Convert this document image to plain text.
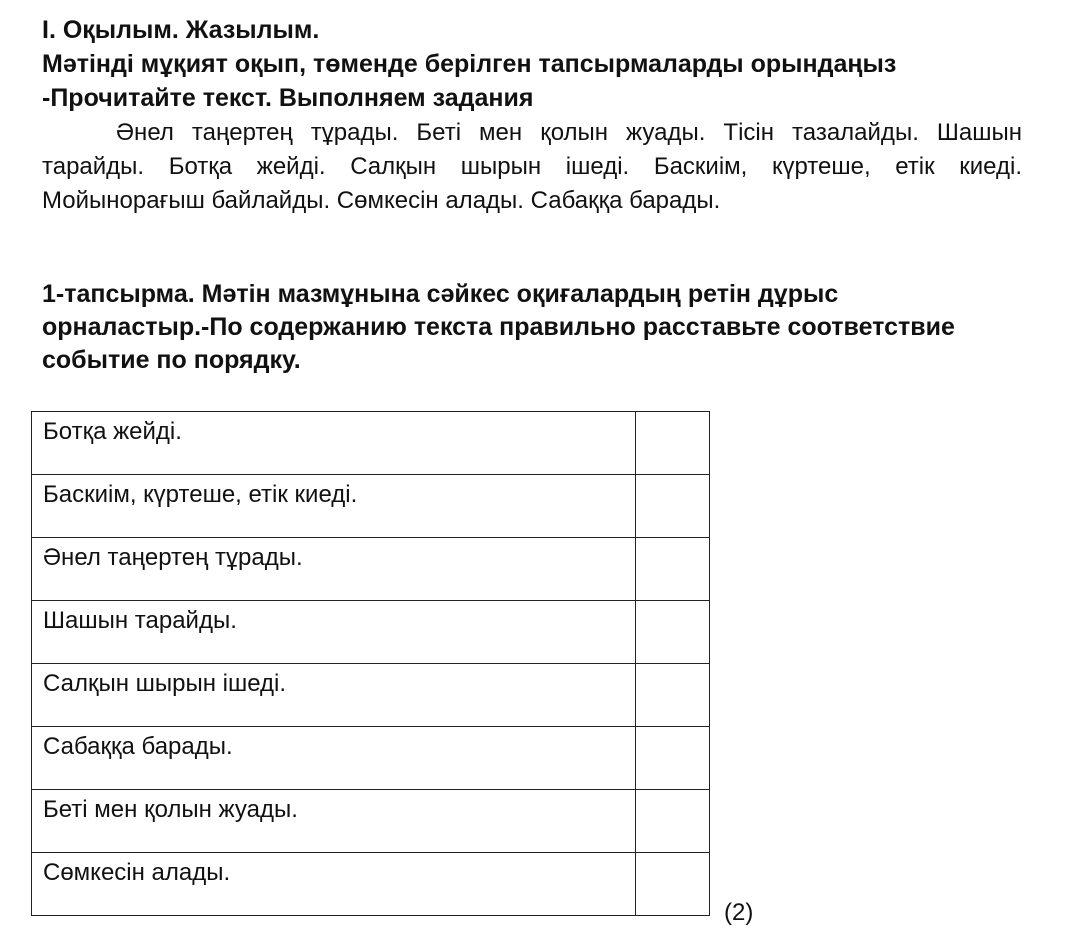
І. Оқылым. Жазылым.

Мәтінді мұқият оқып, төменде берілген тапсырмаларды орындаңыз

-Прочитайте текст. Выполняем задания

Әнел таңертең тұрады. Беті мен қолын жуады. Тісін тазалайды. Шашын тарайды. Ботқа жейді. Салқын шырын ішеді. Баскиім, күртеше, етік киеді. Мойынорағыш байлайды. Сөмкесін алады. Сабаққа барады.

1-тапсырма. Мәтін мазмұнына сәйкес оқиғалардың ретін дұрыс орналастыр.-По содержанию текста правильно расставьте соответствие событие по порядку.

Ботқа жейді.	
Баскиім, күртеше, етік киеді.	
Әнел таңертең тұрады.	
Шашын тарайды.	
Салқын шырын ішеді.	
Сабаққа барады.	
Беті мен қолын жуады.	
Сөмкесін алады.	
(2)
